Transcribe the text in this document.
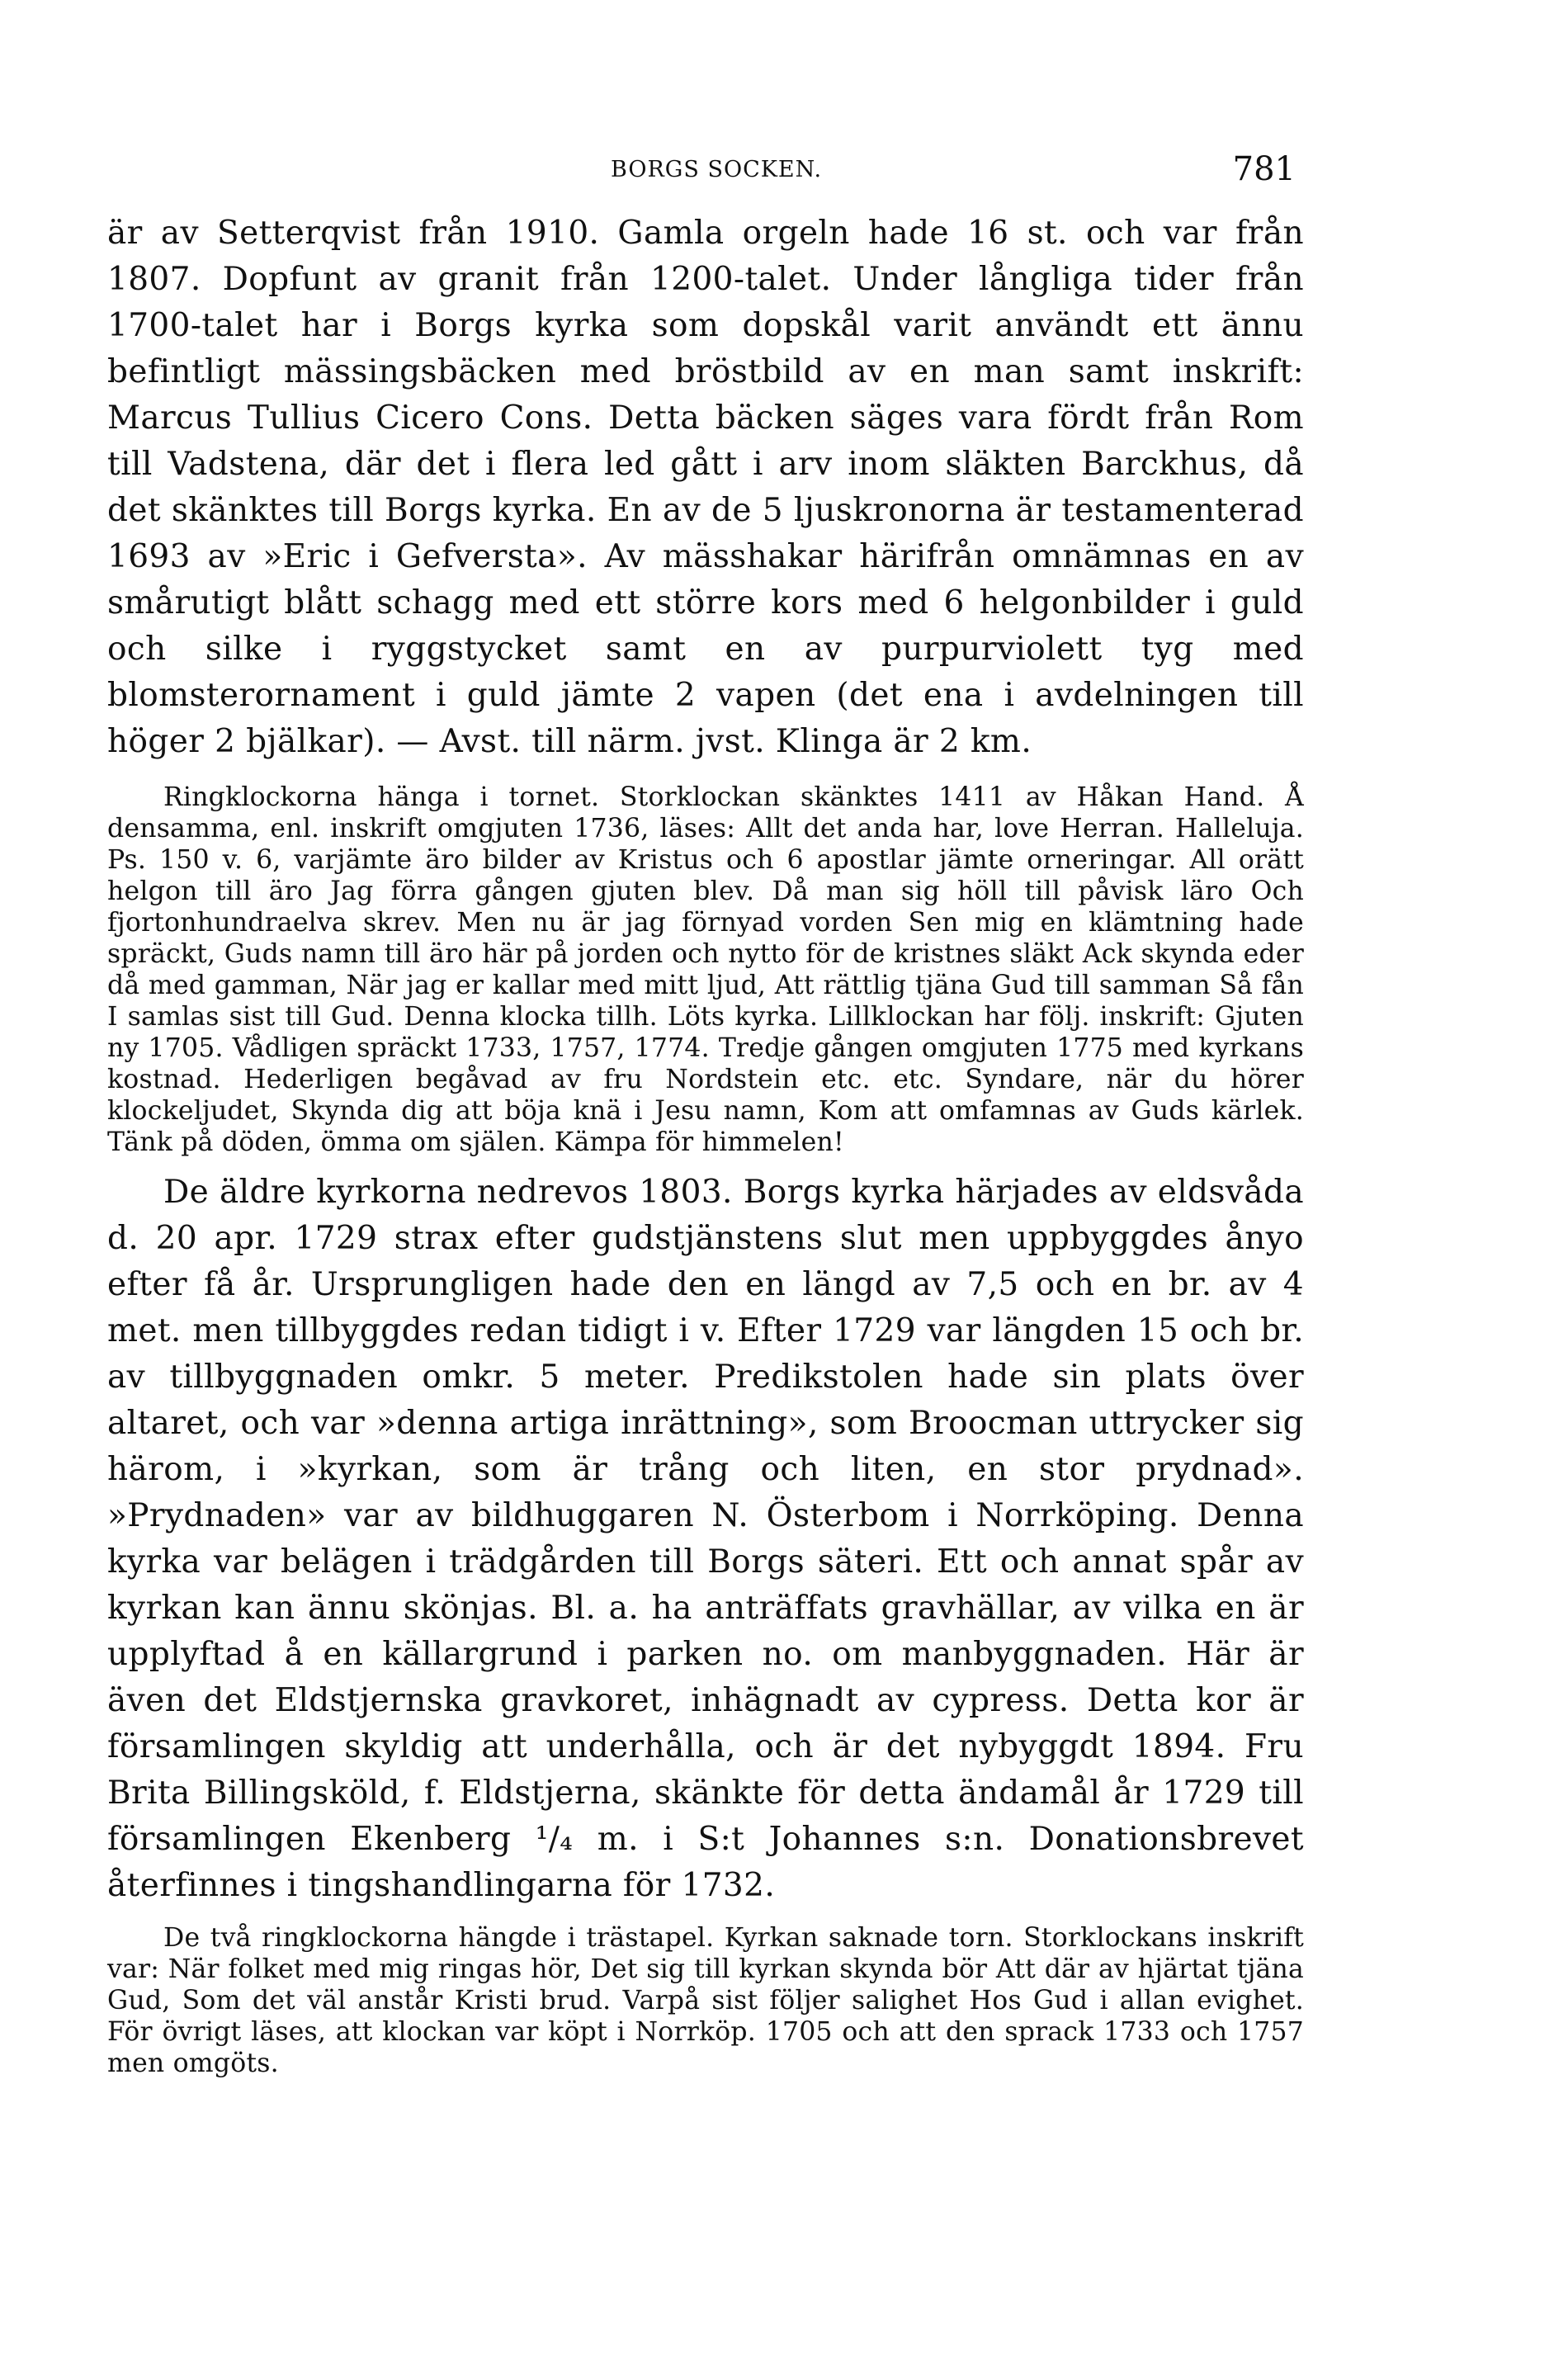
BORGS SOCKEN.	781

är av Setterqvist från 1910. Gamla orgeln hade 16 st. och var från 1807. Dopfunt av granit från 1200-talet. Under långliga tider från 1700-talet har i Borgs kyrka som dopskål varit användt ett ännu befintligt mässingsbäcken med bröstbild av en man samt inskrift: Marcus Tullius Cicero Cons. Detta bäcken säges vara fördt från Rom till Vadstena, där det i flera led gått i arv inom släkten Barckhus, då det skänktes till Borgs kyrka. En av de 5 ljuskronorna är testamenterad 1693 av »Eric i Gefversta». Av mässhakar härifrån omnämnas en av smårutigt blått schagg med ett större kors med 6 helgonbilder i guld och silke i ryggstycket samt en av purpurviolett tyg med blomsterornament i guld jämte 2 vapen (det ena i avdelningen till höger 2 bjälkar). — Avst. till närm. jvst. Klinga är 2 km.

Ringklockorna hänga i tornet. Storklockan skänktes 1411 av Håkan Hand. Å densamma, enl. inskrift omgjuten 1736, läses: Allt det anda har, love Herran. Halleluja. Ps. 150 v. 6, varjämte äro bilder av Kristus och 6 apostlar jämte orneringar. All orätt helgon till äro Jag förra gången gjuten blev. Då man sig höll till påvisk läro Och fjortonhundraelva skrev. Men nu är jag förnyad vorden Sen mig en klämtning hade spräckt, Guds namn till äro här på jorden och nytto för de kristnes släkt Ack skynda eder då med gamman, När jag er kallar med mitt ljud, Att rättlig tjäna Gud till samman Så fån I samlas sist till Gud. Denna klocka tillh. Löts kyrka. Lillklockan har följ. inskrift: Gjuten ny 1705. Vådligen spräckt 1733, 1757, 1774. Tredje gången omgjuten 1775 med kyrkans kostnad. Hederligen begåvad av fru Nordstein etc. etc. Syndare, när du hörer klockeljudet, Skynda dig att böja knä i Jesu namn, Kom att omfamnas av Guds kärlek. Tänk på döden, ömma om själen. Kämpa för himmelen!

De äldre kyrkorna nedrevos 1803. Borgs kyrka härjades av eldsvåda d. 20 apr. 1729 strax efter gudstjänstens slut men uppbyggdes ånyo efter få år. Ursprungligen hade den en längd av 7,5 och en br. av 4 met. men tillbyggdes redan tidigt i v. Efter 1729 var längden 15 och br. av tillbyggnaden omkr. 5 meter. Predikstolen hade sin plats över altaret, och var »denna artiga inrättning», som Broocman uttrycker sig härom, i »kyrkan, som är trång och liten, en stor prydnad». »Prydnaden» var av bildhuggaren N. Österbom i Norrköping. Denna kyrka var belägen i trädgården till Borgs säteri. Ett och annat spår av kyrkan kan ännu skönjas. Bl. a. ha anträffats gravhällar, av vilka en är upplyftad å en källargrund i parken no. om manbyggnaden. Här är även det Eldstjernska gravkoret, inhägnadt av cypress. Detta kor är församlingen skyldig att underhålla, och är det nybyggdt 1894. Fru Brita Billingsköld, f. Eldstjerna, skänkte för detta ändamål år 1729 till församlingen Ekenberg ¹/₄ m. i S:t Johannes s:n. Donationsbrevet återfinnes i tingshandlingarna för 1732.

De två ringklockorna hängde i trästapel. Kyrkan saknade torn. Storklockans inskrift var: När folket med mig ringas hör, Det sig till kyrkan skynda bör Att där av hjärtat tjäna Gud, Som det väl anstår Kristi brud. Varpå sist följer salighet Hos Gud i allan evighet. För övrigt läses, att klockan var köpt i Norrköp. 1705 och att den sprack 1733 och 1757 men omgöts.
